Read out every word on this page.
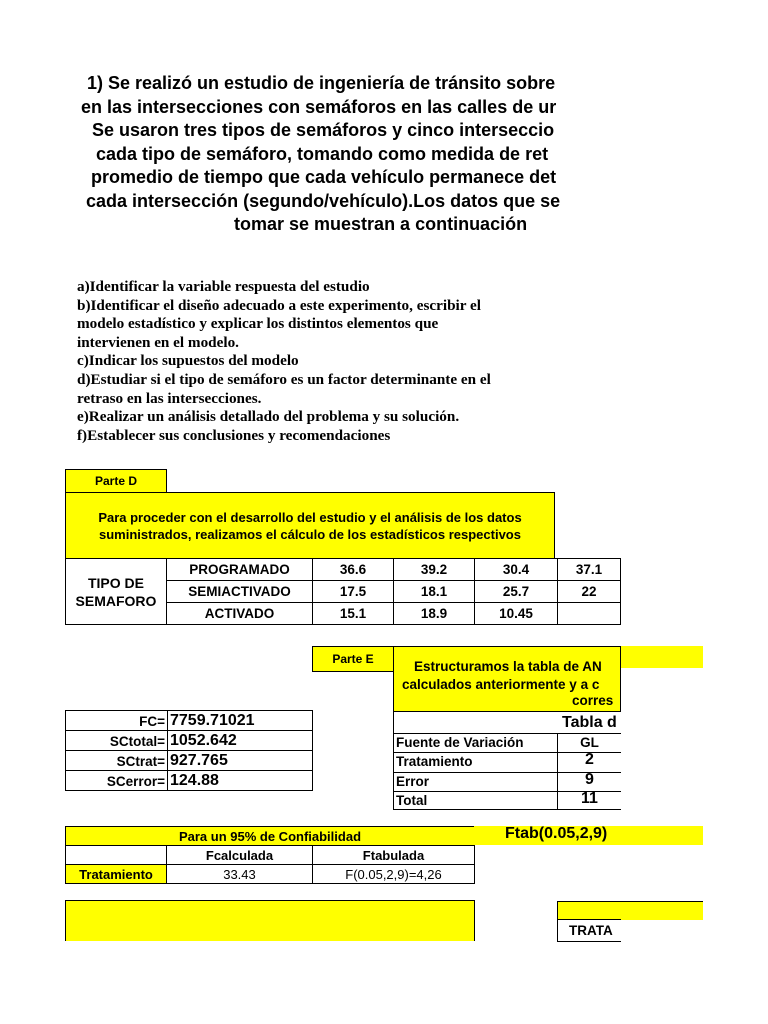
1) Se realizó un estudio de ingeniería de tránsito sobre
en las intersecciones con semáforos en las calles de ur
Se usaron tres tipos de semáforos y cinco interseccio
cada tipo de semáforo, tomando como medida de ret
promedio de tiempo que cada vehículo permanece det
cada intersección (segundo/vehículo).Los datos que se
tomar se muestran a continuación
a)Identificar la variable respuesta del estudio
b)Identificar el diseño adecuado a este experimento, escribir el
modelo estadístico y explicar los distintos elementos que
intervienen en el modelo.
c)Indicar los supuestos del modelo
d)Estudiar si el tipo de semáforo es un factor determinante en el
retraso en las intersecciones.
e)Realizar un análisis detallado del problema y su solución.
f)Establecer sus conclusiones y recomendaciones
Parte D
Para proceder con el desarrollo del estudio y el análisis de los datos suministrados, realizamos el cálculo de los estadísticos respectivos
TIPO DE SEMAFORO
PROGRAMADO	36.6	39.2	30.4	37.1
SEMIACTIVADO	17.5	18.1	25.7	22
ACTIVADO	15.1	18.9	10.45
Parte E	Estructuramos la tabla de AN
calculados anteriormente y a c
corres
FC= 7759.71021
SCtotal= 1052.642
SCtrat= 927.765
SCerror= 124.88
Tabla d
Fuente de Variación	GL
Tratamiento	2
Error	9
Total	11
Para un 95% de Confiabilidad	Ftab(0.05,2,9)
Fcalculada	Ftabulada
Tratamiento	33.43	F(0.05,2,9)=4,26
TRATA
